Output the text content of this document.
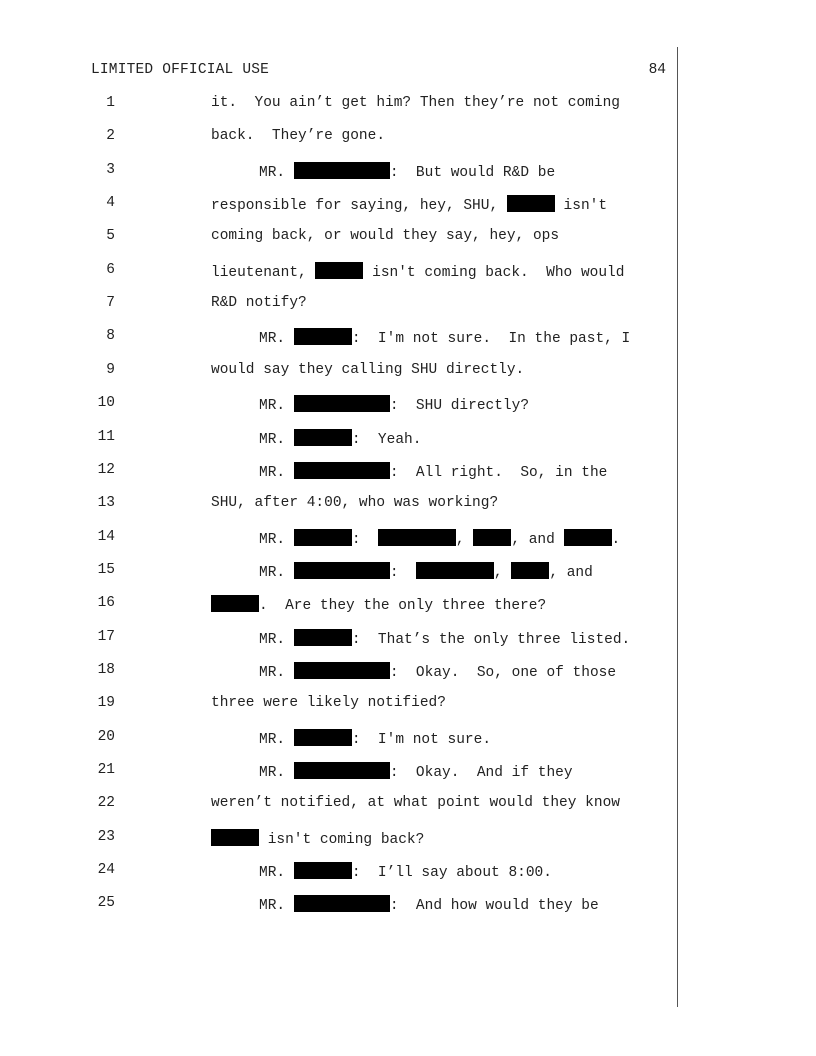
LIMITED OFFICIAL USE	84
1	it.  You ain’t get him? Then they’re not coming
2	back.  They’re gone.
3	MR.	:  But would R&D be
4	responsible for saying, hey, SHU,	isn't
5	coming back, or would they say, hey, ops
6	lieutenant,	isn't coming back.  Who would
7	R&D notify?
8	MR.	:  I'm not sure.  In the past, I
9	would say they calling SHU directly.
10	MR.	:  SHU directly?
11	MR.	:  Yeah.
12	MR.	:  All right.  So, in the
13	SHU, after 4:00, who was working?
14	MR.	:	,	, and	.
15	MR.	:	,	, and
16	.  Are they the only three there?
17	MR.	:  That’s the only three listed.
18	MR.	:  Okay.  So, one of those
19	three were likely notified?
20	MR.	:  I'm not sure.
21	MR.	:  Okay.  And if they
22	weren’t notified, at what point would they know
23	isn't coming back?
24	MR.	:  I’ll say about 8:00.
25	MR.	:  And how would they be
